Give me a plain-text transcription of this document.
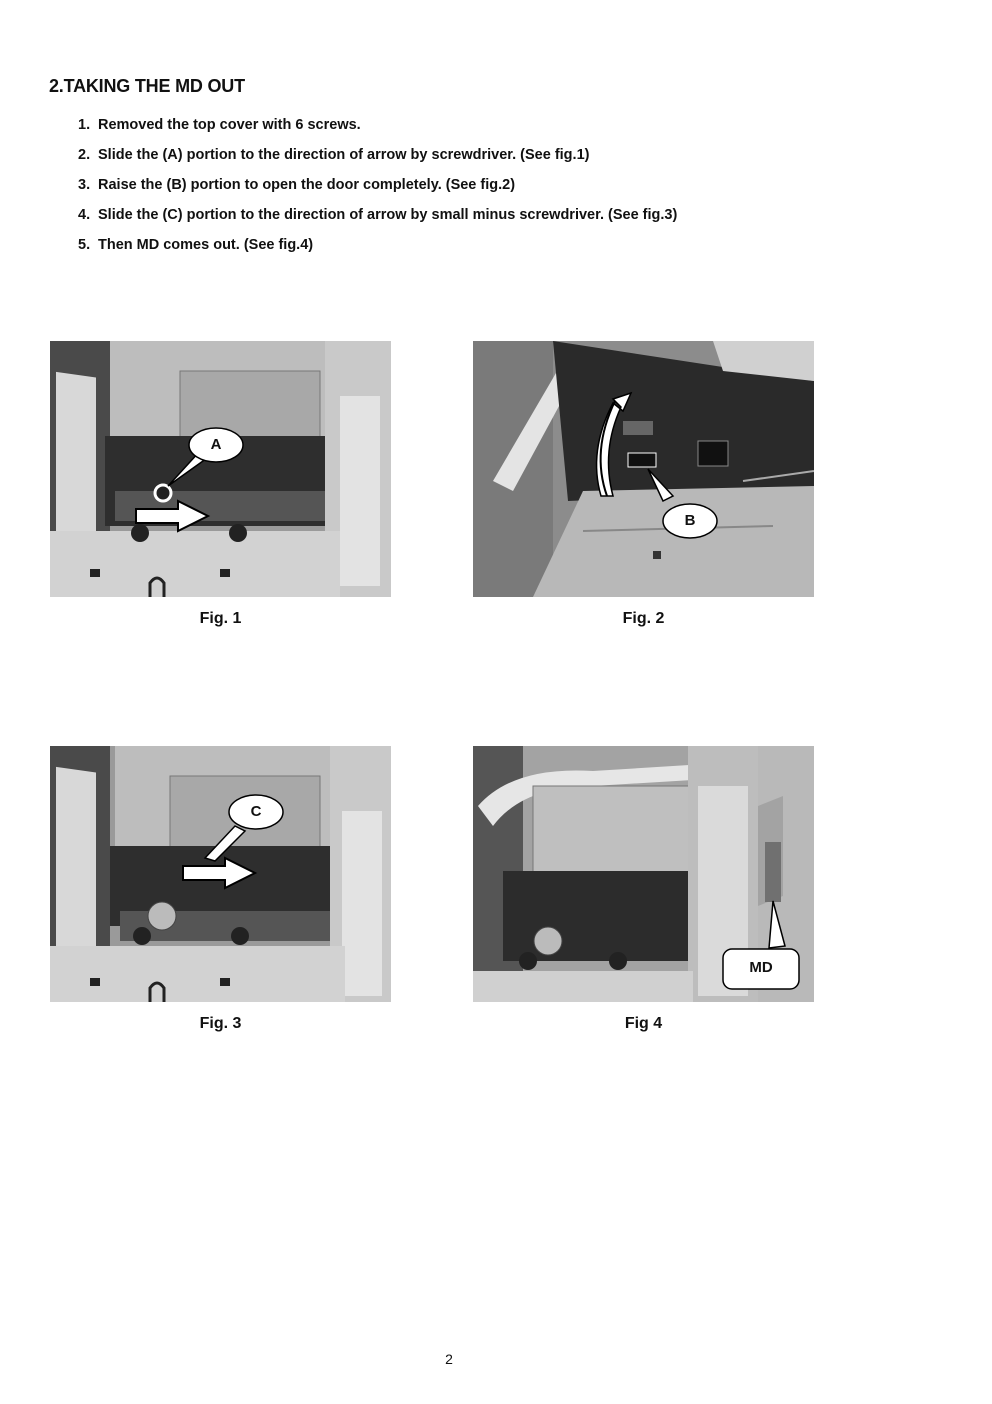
2.TAKING THE MD OUT
1. Removed the top cover with 6 screws.
2. Slide the (A) portion to the direction of arrow by screwdriver. (See fig.1)
3. Raise the (B) portion to open the door completely. (See fig.2)
4. Slide the (C) portion to the direction of arrow by small minus screwdriver. (See fig.3)
5. Then MD comes out. (See fig.4)
A
Fig. 1
B
Fig. 2
C
Fig. 3
MD
Fig 4
2
